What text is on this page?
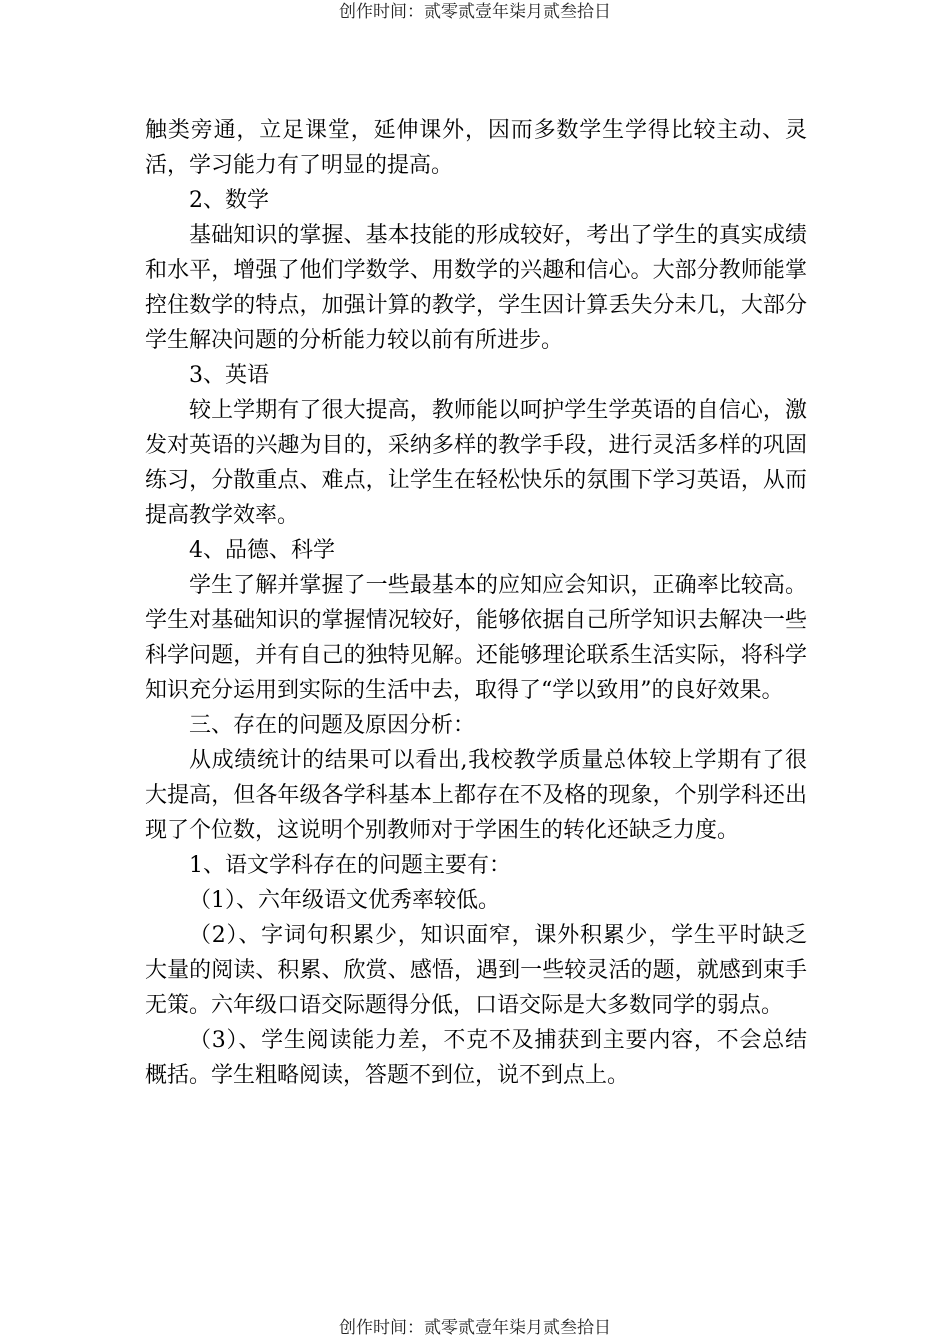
创作时间：贰零贰壹年柒月贰叁拾日

触类旁通，立足课堂，延伸课外，因而多数学生学得比较主动、灵活，学习能力有了明显的提高。

2、数学

基础知识的掌握、基本技能的形成较好，考出了学生的真实成绩和水平，增强了他们学数学、用数学的兴趣和信心。大部分教师能掌控住数学的特点，加强计算的教学，学生因计算丢失分未几，大部分学生解决问题的分析能力较以前有所进步。

3、英语

较上学期有了很大提高，教师能以呵护学生学英语的自信心，激发对英语的兴趣为目的，采纳多样的教学手段，进行灵活多样的巩固练习，分散重点、难点，让学生在轻松快乐的氛围下学习英语，从而提高教学效率。

4、品德、科学

学生了解并掌握了一些最基本的应知应会知识，正确率比较高。学生对基础知识的掌握情况较好，能够依据自己所学知识去解决一些科学问题，并有自己的独特见解。还能够理论联系生活实际，将科学知识充分运用到实际的生活中去，取得了“学以致用”的良好效果。

三、存在的问题及原因分析：

从成绩统计的结果可以看出,我校教学质量总体较上学期有了很大提高，但各年级各学科基本上都存在不及格的现象，个别学科还出现了个位数，这说明个别教师对于学困生的转化还缺乏力度。

1、语文学科存在的问题主要有：

（1）、六年级语文优秀率较低。

（2）、字词句积累少，知识面窄，课外积累少，学生平时缺乏大量的阅读、积累、欣赏、感悟，遇到一些较灵活的题，就感到束手无策。六年级口语交际题得分低，口语交际是大多数同学的弱点。

（3）、学生阅读能力差，不克不及捕获到主要内容，不会总结概括。学生粗略阅读，答题不到位，说不到点上。

创作时间：贰零贰壹年柒月贰叁拾日
